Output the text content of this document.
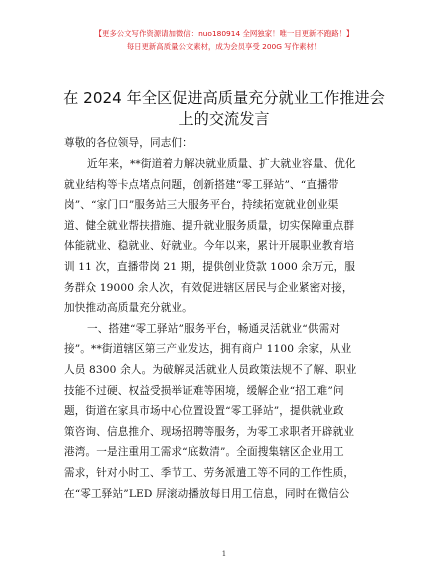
【更多公文写作资源请加微信：nuo180914 全网独家！唯一目更新不跑路！】
每日更新高质量公文素材，成为会员享受 200G 写作素材！
在 2024 年全区促进高质量充分就业工作推进会
上的交流发言
尊敬的各位领导，同志们：
近年来，**街道着力解决就业质量、扩大就业容量、优化
就业结构等卡点堵点问题，创新搭建“零工驿站”、“直播带
岗”、“家门口”服务站三大服务平台，持续拓宽就业创业渠
道、健全就业帮扶措施、提升就业服务质量，切实保障重点群
体能就业、稳就业、好就业。今年以来，累计开展职业教育培
训 11 次，直播带岗 21 期，提供创业贷款 1000 余万元，服
务群众 19000 余人次，有效促进辖区居民与企业紧密对接，
加快推动高质量充分就业。
一、搭建“零工驿站”服务平台，畅通灵活就业“供需对
接”。**街道辖区第三产业发达，拥有商户 1100 余家，从业
人员 8300 余人。为破解灵活就业人员政策法规不了解、职业
技能不过硬、权益受损举证难等困境，缓解企业“招工难”问
题，街道在家具市场中心位置设置“零工驿站”，提供就业政
策咨询、信息推介、现场招聘等服务，为零工求职者开辟就业
港湾。一是注重用工需求“底数清”。全面搜集辖区企业用工
需求，针对小时工、季节工、劳务派遣工等不同的工作性质，
在“零工驿站”LED 屏滚动播放每日用工信息，同时在微信公
1
